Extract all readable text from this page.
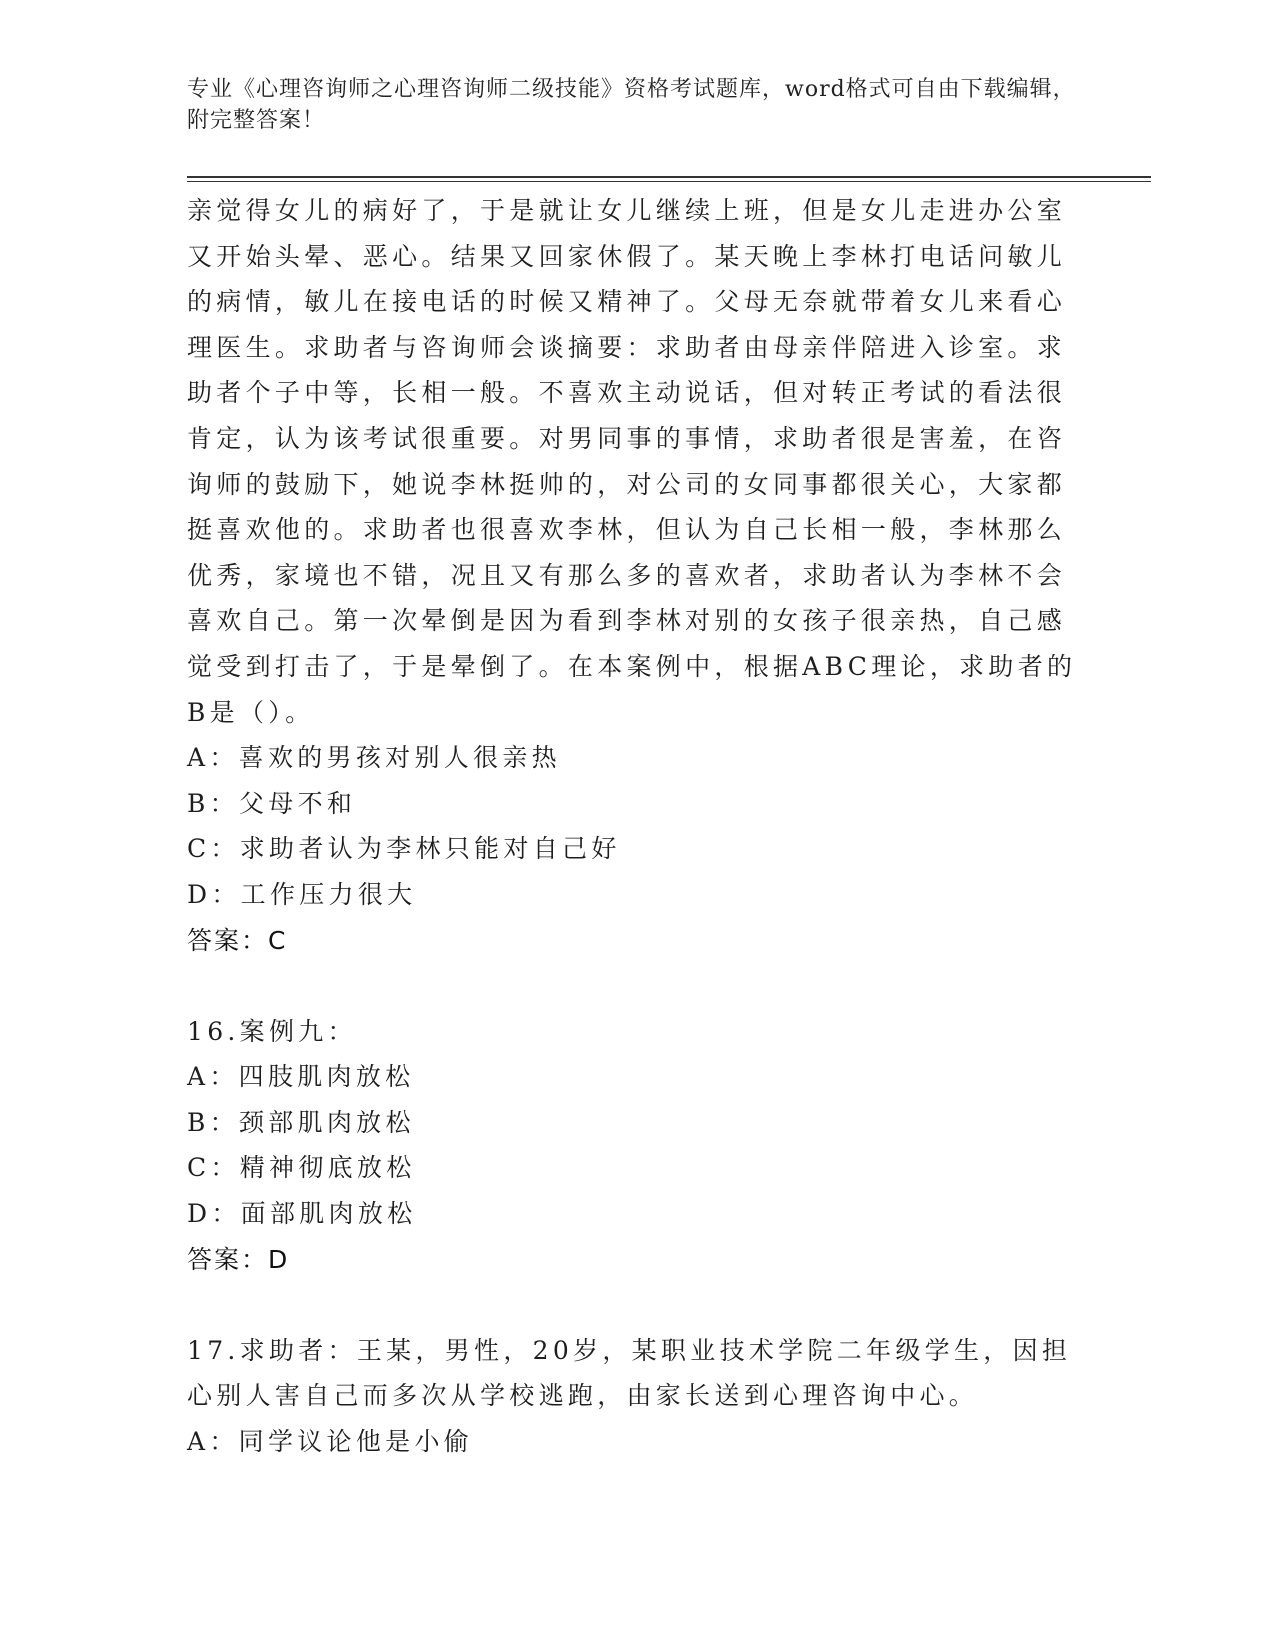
专业《心理咨询师之心理咨询师二级技能》资格考试题库，word格式可自由下载编辑，附完整答案！
亲觉得女儿的病好了，于是就让女儿继续上班，但是女儿走进办公室又开始头晕、恶心。结果又回家休假了。某天晚上李林打电话问敏儿的病情，敏儿在接电话的时候又精神了。父母无奈就带着女儿来看心理医生。求助者与咨询师会谈摘要：求助者由母亲伴陪进入诊室。求助者个子中等，长相一般。不喜欢主动说话，但对转正考试的看法很肯定，认为该考试很重要。对男同事的事情，求助者很是害羞，在咨询师的鼓励下，她说李林挺帅的，对公司的女同事都很关心，大家都挺喜欢他的。求助者也很喜欢李林，但认为自己长相一般，李林那么优秀，家境也不错，况且又有那么多的喜欢者，求助者认为李林不会喜欢自己。第一次晕倒是因为看到李林对别的女孩子很亲热，自己感觉受到打击了，于是晕倒了。在本案例中，根据ABC理论，求助者的B是（）。
A：喜欢的男孩对别人很亲热
B：父母不和
C：求助者认为李林只能对自己好
D：工作压力很大
答案：C
16.案例九：
A：四肢肌肉放松
B：颈部肌肉放松
C：精神彻底放松
D：面部肌肉放松
答案：D
17.求助者：王某，男性，20岁，某职业技术学院二年级学生，因担心别人害自己而多次从学校逃跑，由家长送到心理咨询中心。
A：同学议论他是小偷
